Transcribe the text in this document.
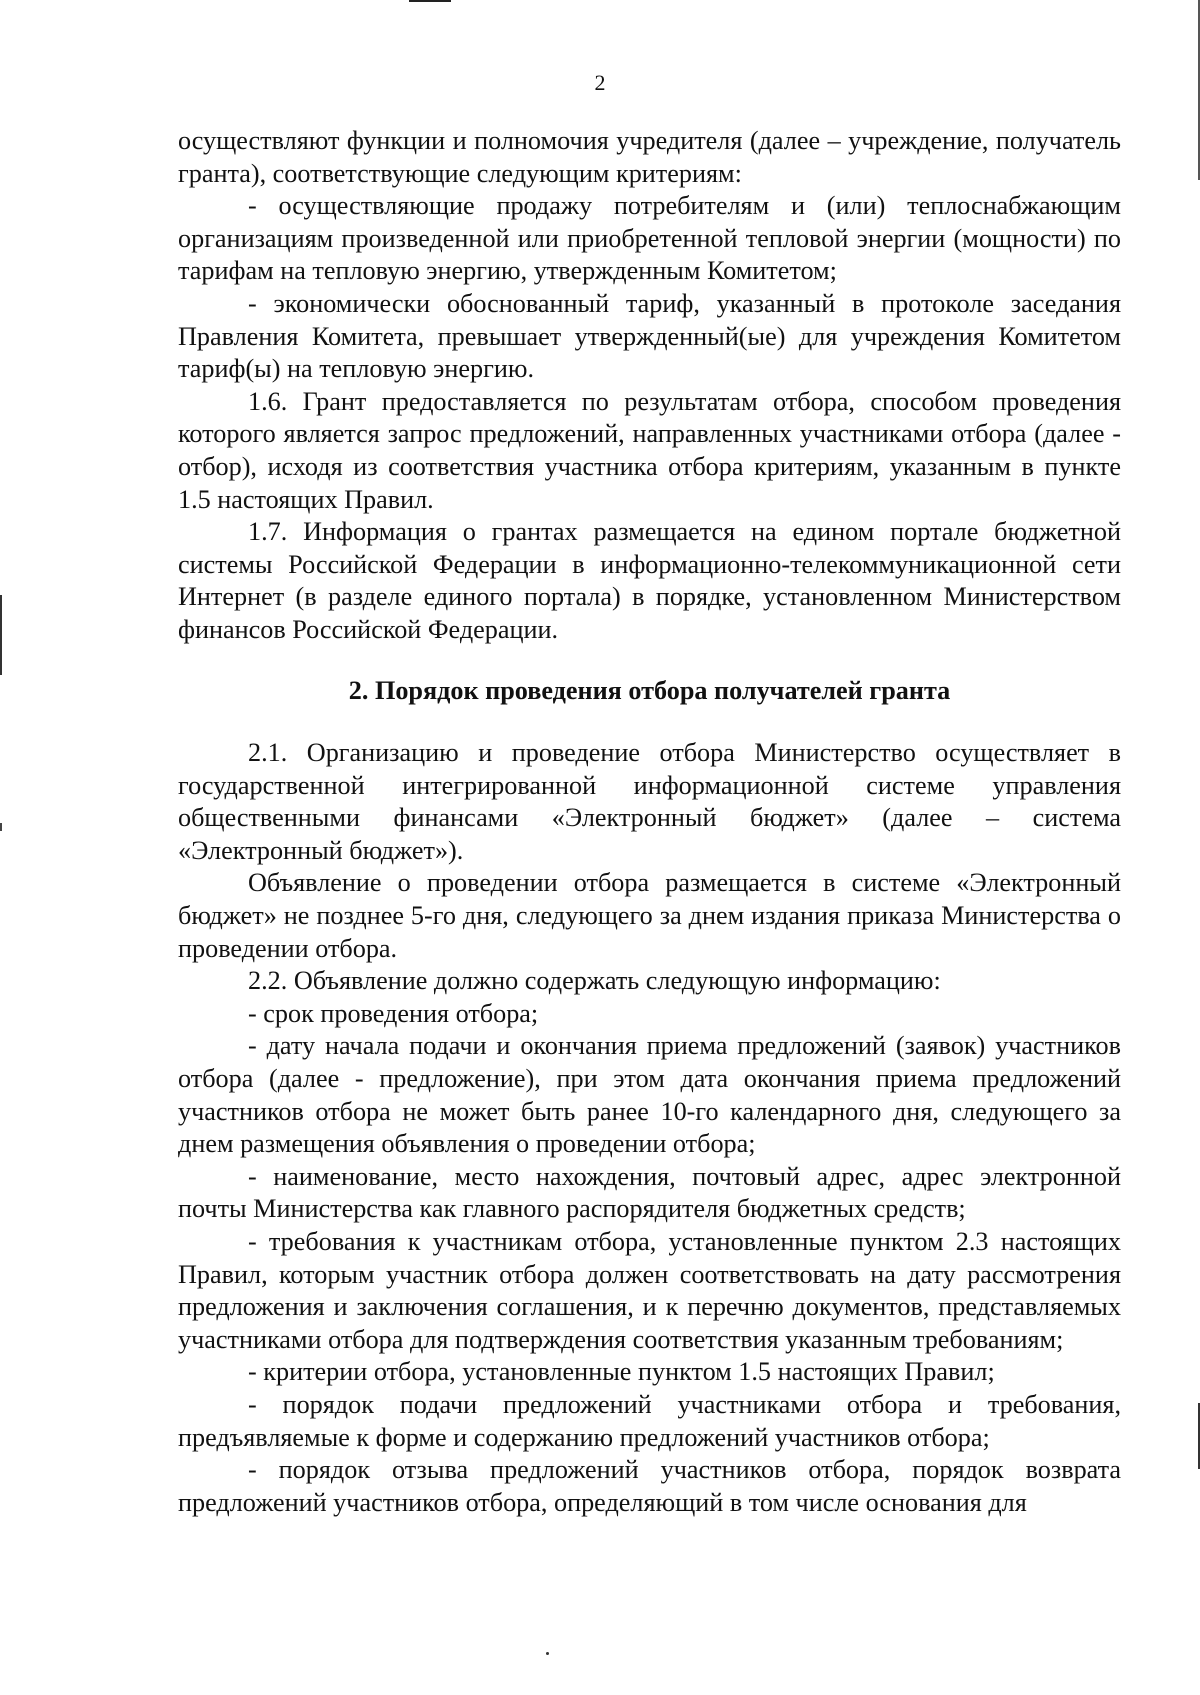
2

осуществляют функции и полномочия учредителя (далее – учреждение, получатель гранта), соответствующие следующим критериям:

- осуществляющие продажу потребителям и (или) теплоснабжающим организациям произведенной или приобретенной тепловой энергии (мощности) по тарифам на тепловую энергию, утвержденным Комитетом;

- экономически обоснованный тариф, указанный в протоколе заседания Правления Комитета, превышает утвержденный(ые) для учреждения Комитетом тариф(ы) на тепловую энергию.

1.6. Грант предоставляется по результатам отбора, способом проведения которого является запрос предложений, направленных участниками отбора (далее - отбор), исходя из соответствия участника отбора критериям, указанным в пункте 1.5 настоящих Правил.

1.7. Информация о грантах размещается на едином портале бюджетной системы Российской Федерации в информационно-телекоммуникационной сети Интернет (в разделе единого портала) в порядке, установленном Министерством финансов Российской Федерации.

2. Порядок проведения отбора получателей гранта

2.1. Организацию и проведение отбора Министерство осуществляет в государственной интегрированной информационной системе управления общественными финансами «Электронный бюджет» (далее – система «Электронный бюджет»).

Объявление о проведении отбора размещается в системе «Электронный бюджет» не позднее 5-го дня, следующего за днем издания приказа Министерства о проведении отбора.

2.2. Объявление должно содержать следующую информацию:

- срок проведения отбора;

- дату начала подачи и окончания приема предложений (заявок) участников отбора (далее - предложение), при этом дата окончания приема предложений участников отбора не может быть ранее 10-го календарного дня, следующего за днем размещения объявления о проведении отбора;

- наименование, место нахождения, почтовый адрес, адрес электронной почты Министерства как главного распорядителя бюджетных средств;

- требования к участникам отбора, установленные пунктом 2.3 настоящих Правил, которым участник отбора должен соответствовать на дату рассмотрения предложения и заключения соглашения, и к перечню документов, представляемых участниками отбора для подтверждения соответствия указанным требованиям;

- критерии отбора, установленные пунктом 1.5 настоящих Правил;

- порядок подачи предложений участниками отбора и требования, предъявляемые к форме и содержанию предложений участников отбора;

- порядок отзыва предложений участников отбора, порядок возврата предложений участников отбора, определяющий в том числе основания для
